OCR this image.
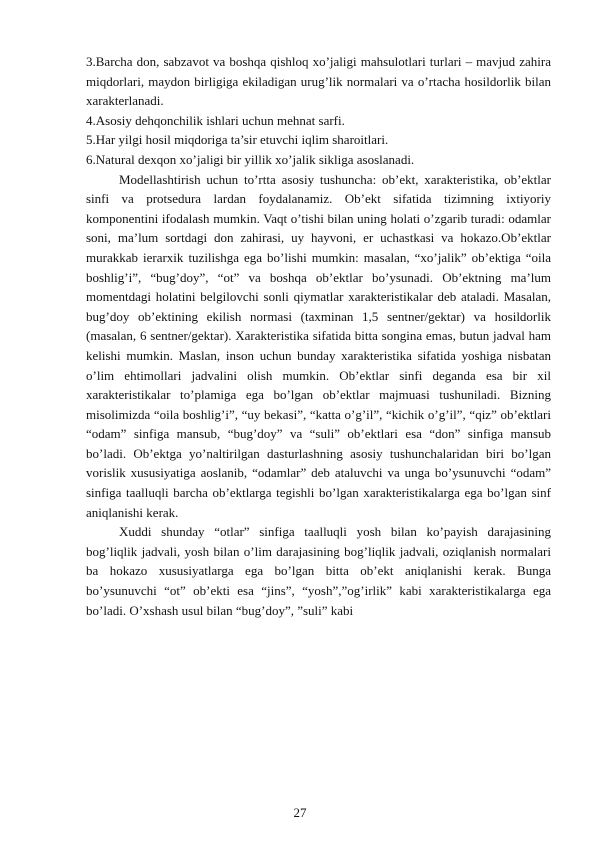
3.Barcha don, sabzavot va boshqa qishloq xo’jaligi mahsulotlari turlari – mavjud zahira miqdorlari, maydon birligiga ekiladigan urug’lik normalari va o’rtacha hosildorlik bilan xarakterlanadi.

4.Asosiy dehqonchilik ishlari uchun mehnat sarfi.

5.Har yilgi hosil miqdoriga ta’sir etuvchi iqlim sharoitlari.

6.Natural dexqon xo’jaligi bir yillik xo’jalik sikliga asoslanadi.

Modellashtirish uchun to’rtta asosiy tushuncha: ob’ekt, xarakteristika, ob’ektlar sinfi va protsedura lardan foydalanamiz. Ob’ekt sifatida tizimning ixtiyoriy komponentini ifodalash mumkin. Vaqt o’tishi bilan uning holati o’zgarib turadi: odamlar soni, ma’lum sortdagi don zahirasi, uy hayvoni, er uchastkasi va hokazo.Ob’ektlar murakkab ierarxik tuzilishga ega bo’lishi mumkin: masalan, “xo’jalik” ob’ektiga “oila boshlig’i”, “bug’doy”, “ot” va boshqa ob’ektlar bo’ysunadi. Ob’ektning ma’lum momentdagi holatini belgilovchi sonli qiymatlar xarakteristikalar deb ataladi. Masalan, bug’doy ob’ektining ekilish normasi (taxminan 1,5 sentner/gektar) va hosildorlik (masalan, 6 sentner/gektar). Xarakteristika sifatida bitta songina emas, butun jadval ham kelishi mumkin. Maslan, inson uchun bunday xarakteristika sifatida yoshiga nisbatan o’lim ehtimollari jadvalini olish mumkin. Ob’ektlar sinfi deganda esa bir xil xarakteristikalar to’plamiga ega bo’lgan ob’ektlar majmuasi tushuniladi. Bizning misolimizda “oila boshlig’i”, “uy bekasi”, “katta o’g’il”, “kichik o’g’il”, “qiz” ob’ektlari “odam” sinfiga mansub, “bug’doy” va “suli” ob’ektlari esa “don” sinfiga mansub bo’ladi. Ob’ektga yo’naltirilgan dasturlashning asosiy tushunchalaridan biri bo’lgan vorislik xususiyatiga aoslanib, “odamlar” deb ataluvchi va unga bo’ysunuvchi “odam” sinfiga taalluqli barcha ob’ektlarga tegishli bo’lgan xarakteristikalarga ega bo’lgan sinf aniqlanishi kerak.

Xuddi shunday “otlar” sinfiga taalluqli yosh bilan ko’payish darajasining bog’liqlik jadvali, yosh bilan o’lim darajasining bog’liqlik jadvali, oziqlanish normalari ba hokazo xususiyatlarga ega bo’lgan bitta ob’ekt aniqlanishi kerak. Bunga bo’ysunuvchi “ot” ob’ekti esa “jins”, “yosh”,”og’irlik” kabi xarakteristikalarga ega bo’ladi. O’xshash usul bilan “bug’doy”, ”suli” kabi

27
